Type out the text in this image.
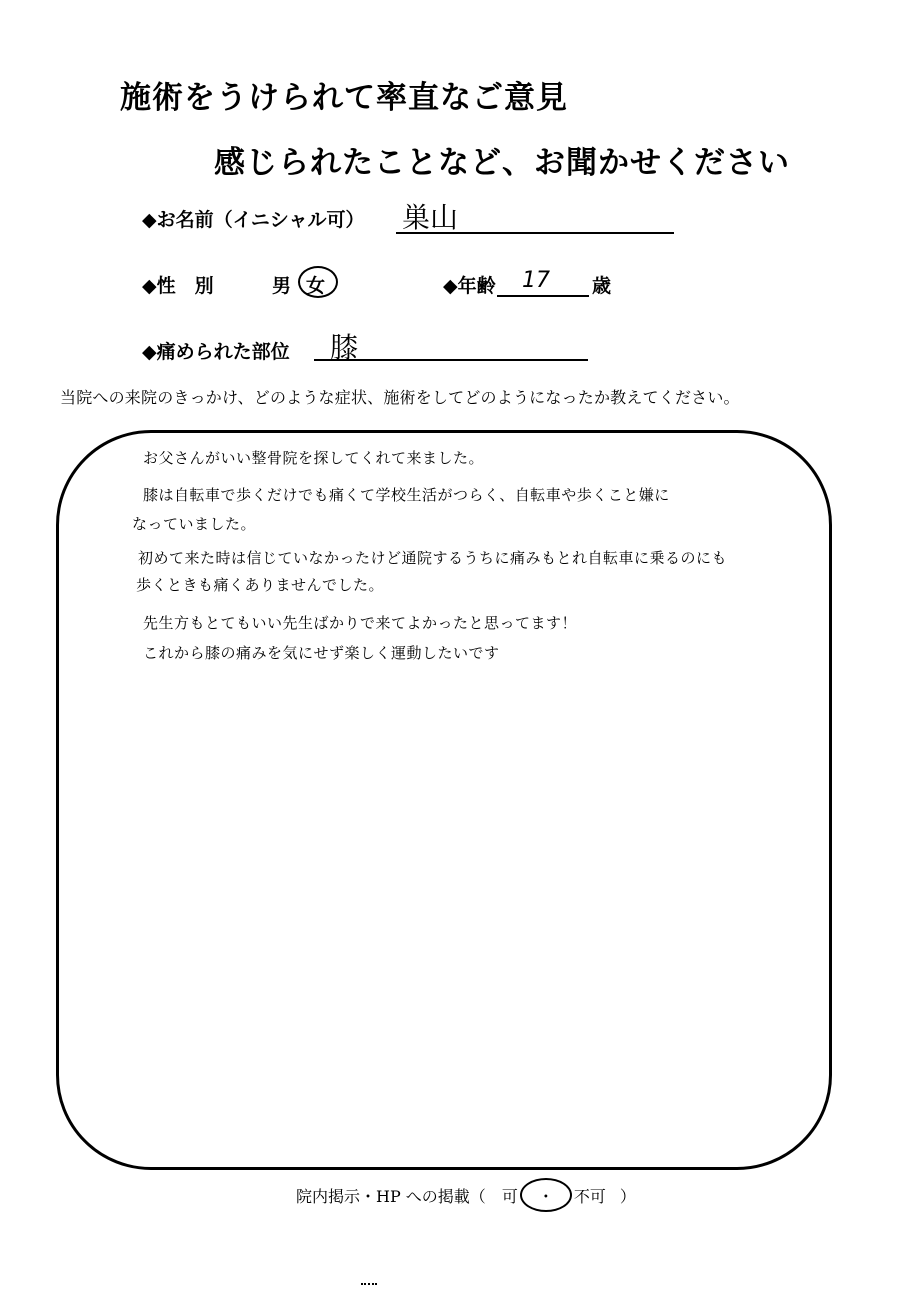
施術をうけられて率直なご意見
感じられたことなど、お聞かせください
◆お名前（イニシャル可） 巣山
◆性　別	男 女	◆年齢 17 歳
◆痛められた部位 膝
当院への来院のきっかけ、どのような症状、施術をしてどのようになったか教えてください。
お父さんがいい整骨院を探してくれて来ました。
膝は自転車で歩くだけでも痛くて学校生活がつらく、自転車や歩くこと嫌に
なっていました。
初めて来た時は信じていなかったけど通院するうちに痛みもとれ自転車に乗るのにも
歩くときも痛くありませんでした。
先生方もとてもいい先生ばかりで来てよかったと思ってます！
これから膝の痛みを気にせず楽しく運動したいです
院内掲示・HP への掲載（ 可 ・ 不可 ）
